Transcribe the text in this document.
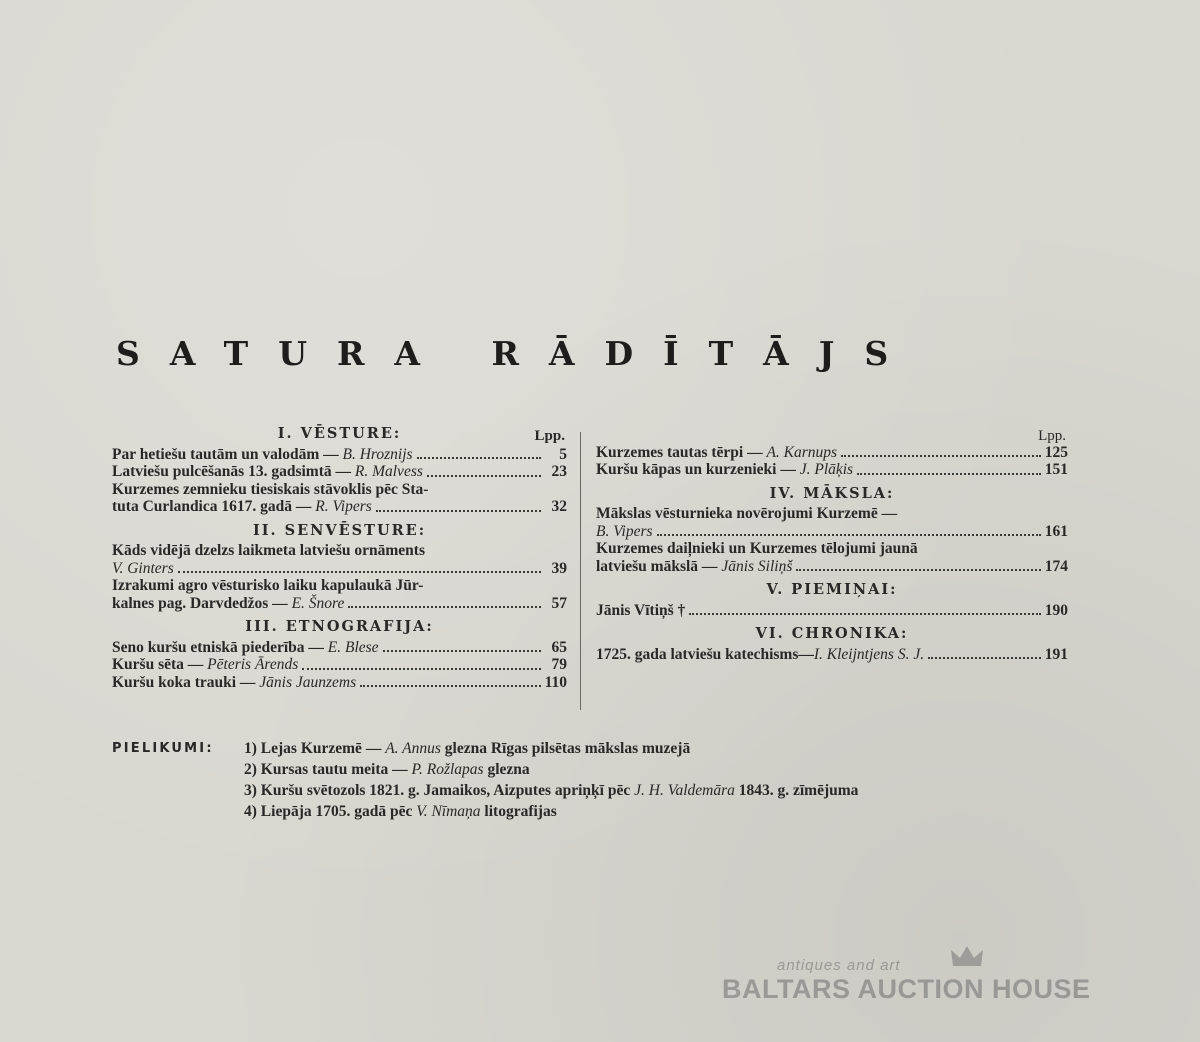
SATURA RĀDĪTĀJS
I. VĒSTURE:	Lpp.
Par hetiešu tautām un valodām — B. Hroznijs	5
Latviešu pulcēšanās 13. gadsimtā — R. Malvess	23
Kurzemes zemnieku tiesiskais stāvoklis pēc Sta-
tuta Curlandica 1617. gadā — R. Vipers	32
II. SENVĒSTURE:
Kāds vidējā dzelzs laikmeta latviešu ornāments
V. Ginters	39
Izrakumi agro vēsturisko laiku kapulaukā Jūr-
kalnes pag. Darvdedžos — E. Šnore	57
III. ETNOGRAFIJA:
Seno kuršu etniskā piederība — E. Blese	65
Kuršu sēta — Pēteris Ārends	79
Kuršu koka trauki — Jānis Jaunzems	110
Lpp.
Kurzemes tautas tērpi — A. Karnups	125
Kuršu kāpas un kurzenieki — J. Plāķis	151
IV. MĀKSLA:
Mākslas vēsturnieka novērojumi Kurzemē —
B. Vipers	161
Kurzemes daiļnieki un Kurzemes tēlojumi jaunā
latviešu mākslā — Jānis Siliņš	174
V. PIEMIŅAI:
Jānis Vītiņš †	190
VI. CHRONIKA:
1725. gada latviešu katechisms—I. Kleijntjens S. J.	191
PIELIKUMI: 1) Lejas Kurzemē — A. Annus glezna Rīgas pilsētas mākslas muzejā
2) Kursas tautu meita — P. Rožlapas glezna
3) Kuršu svētozols 1821. g. Jamaikos, Aizputes apriņķī pēc J. H. Valdemāra 1843. g. zīmējuma
4) Liepāja 1705. gadā pēc V. Nīmaņa litografijas
antiques and art
BALTARS AUCTION HOUSE
